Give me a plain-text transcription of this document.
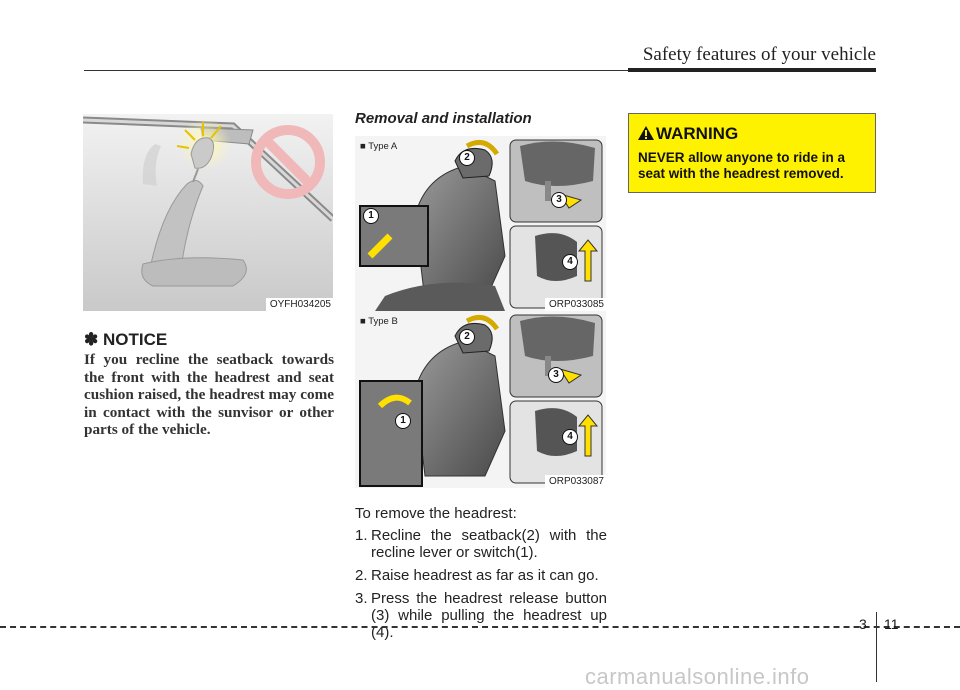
Safety features of your vehicle
OYFH034205
✽ NOTICE
If you recline the seatback towards the front with the headrest and seat cushion raised, the headrest may come in contact with the sunvisor or other parts of the vehicle.
Removal and installation
■ Type A
ORP033085
■ Type B
ORP033087
1
2
3
4
1
2
3
4
To remove the headrest:
1. Recline the seatback(2) with the recline lever or switch(1).
2. Raise headrest as far as it can go.
3. Press the headrest release button (3) while pulling the headrest up (4).
WARNING
NEVER allow anyone to ride in a seat with the headrest removed.
3 11
carmanualsonline.info
